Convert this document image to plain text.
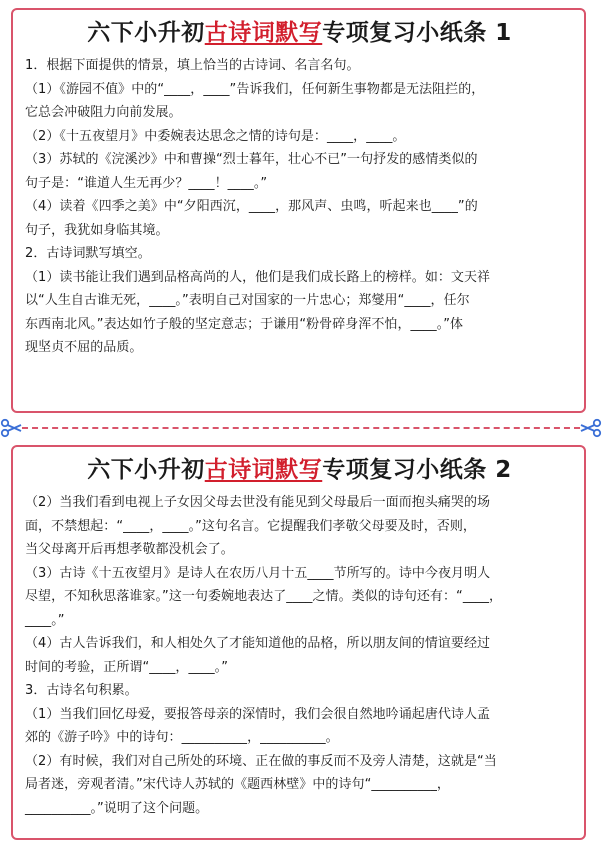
六下小升初古诗词默写专项复习小纸条 1
1．根据下面提供的情景，填上恰当的古诗词、名言名句。
（1）《游园不值》中的“____，____”告诉我们，任何新生事物都是无法阻拦的，
它总会冲破阻力向前发展。
（2）《十五夜望月》中委婉表达思念之情的诗句是：____，____。
（3）苏轼的《浣溪沙》中和曹操“烈士暮年，壮心不已”一句抒发的感情类似的
句子是：“谁道人生无再少？____！____。”
（4）读着《四季之美》中“夕阳西沉，____，那风声、虫鸣，听起来也____”的
句子，我犹如身临其境。
2．古诗词默写填空。
（1）读书能让我们遇到品格高尚的人，他们是我们成长路上的榜样。如：文天祥
以“人生自古谁无死，____。”表明自己对国家的一片忠心；郑燮用“____，任尔
东西南北风。”表达如竹子般的坚定意志；于谦用“粉骨碎身浑不怕，____。”体
现坚贞不屈的品质。
六下小升初古诗词默写专项复习小纸条 2
（2）当我们看到电视上子女因父母去世没有能见到父母最后一面而抱头痛哭的场
面，不禁想起：“____，____。”这句名言。它提醒我们孝敬父母要及时，否则，
当父母离开后再想孝敬都没机会了。
（3）古诗《十五夜望月》是诗人在农历八月十五____节所写的。诗中今夜月明人
尽望，不知秋思落谁家。”这一句委婉地表达了____之情。类似的诗句还有：“____，
____。”
（4）古人告诉我们，和人相处久了才能知道他的品格，所以朋友间的情谊要经过
时间的考验，正所谓“____，____。”
3．古诗名句积累。
（1）当我们回忆母爱，要报答母亲的深情时，我们会很自然地吟诵起唐代诗人孟
郊的《游子吟》中的诗句：__________，__________。
（2）有时候，我们对自己所处的环境、正在做的事反而不及旁人清楚，这就是“当
局者迷，旁观者清。”宋代诗人苏轼的《题西林壁》中的诗句“__________，
__________。”说明了这个问题。
